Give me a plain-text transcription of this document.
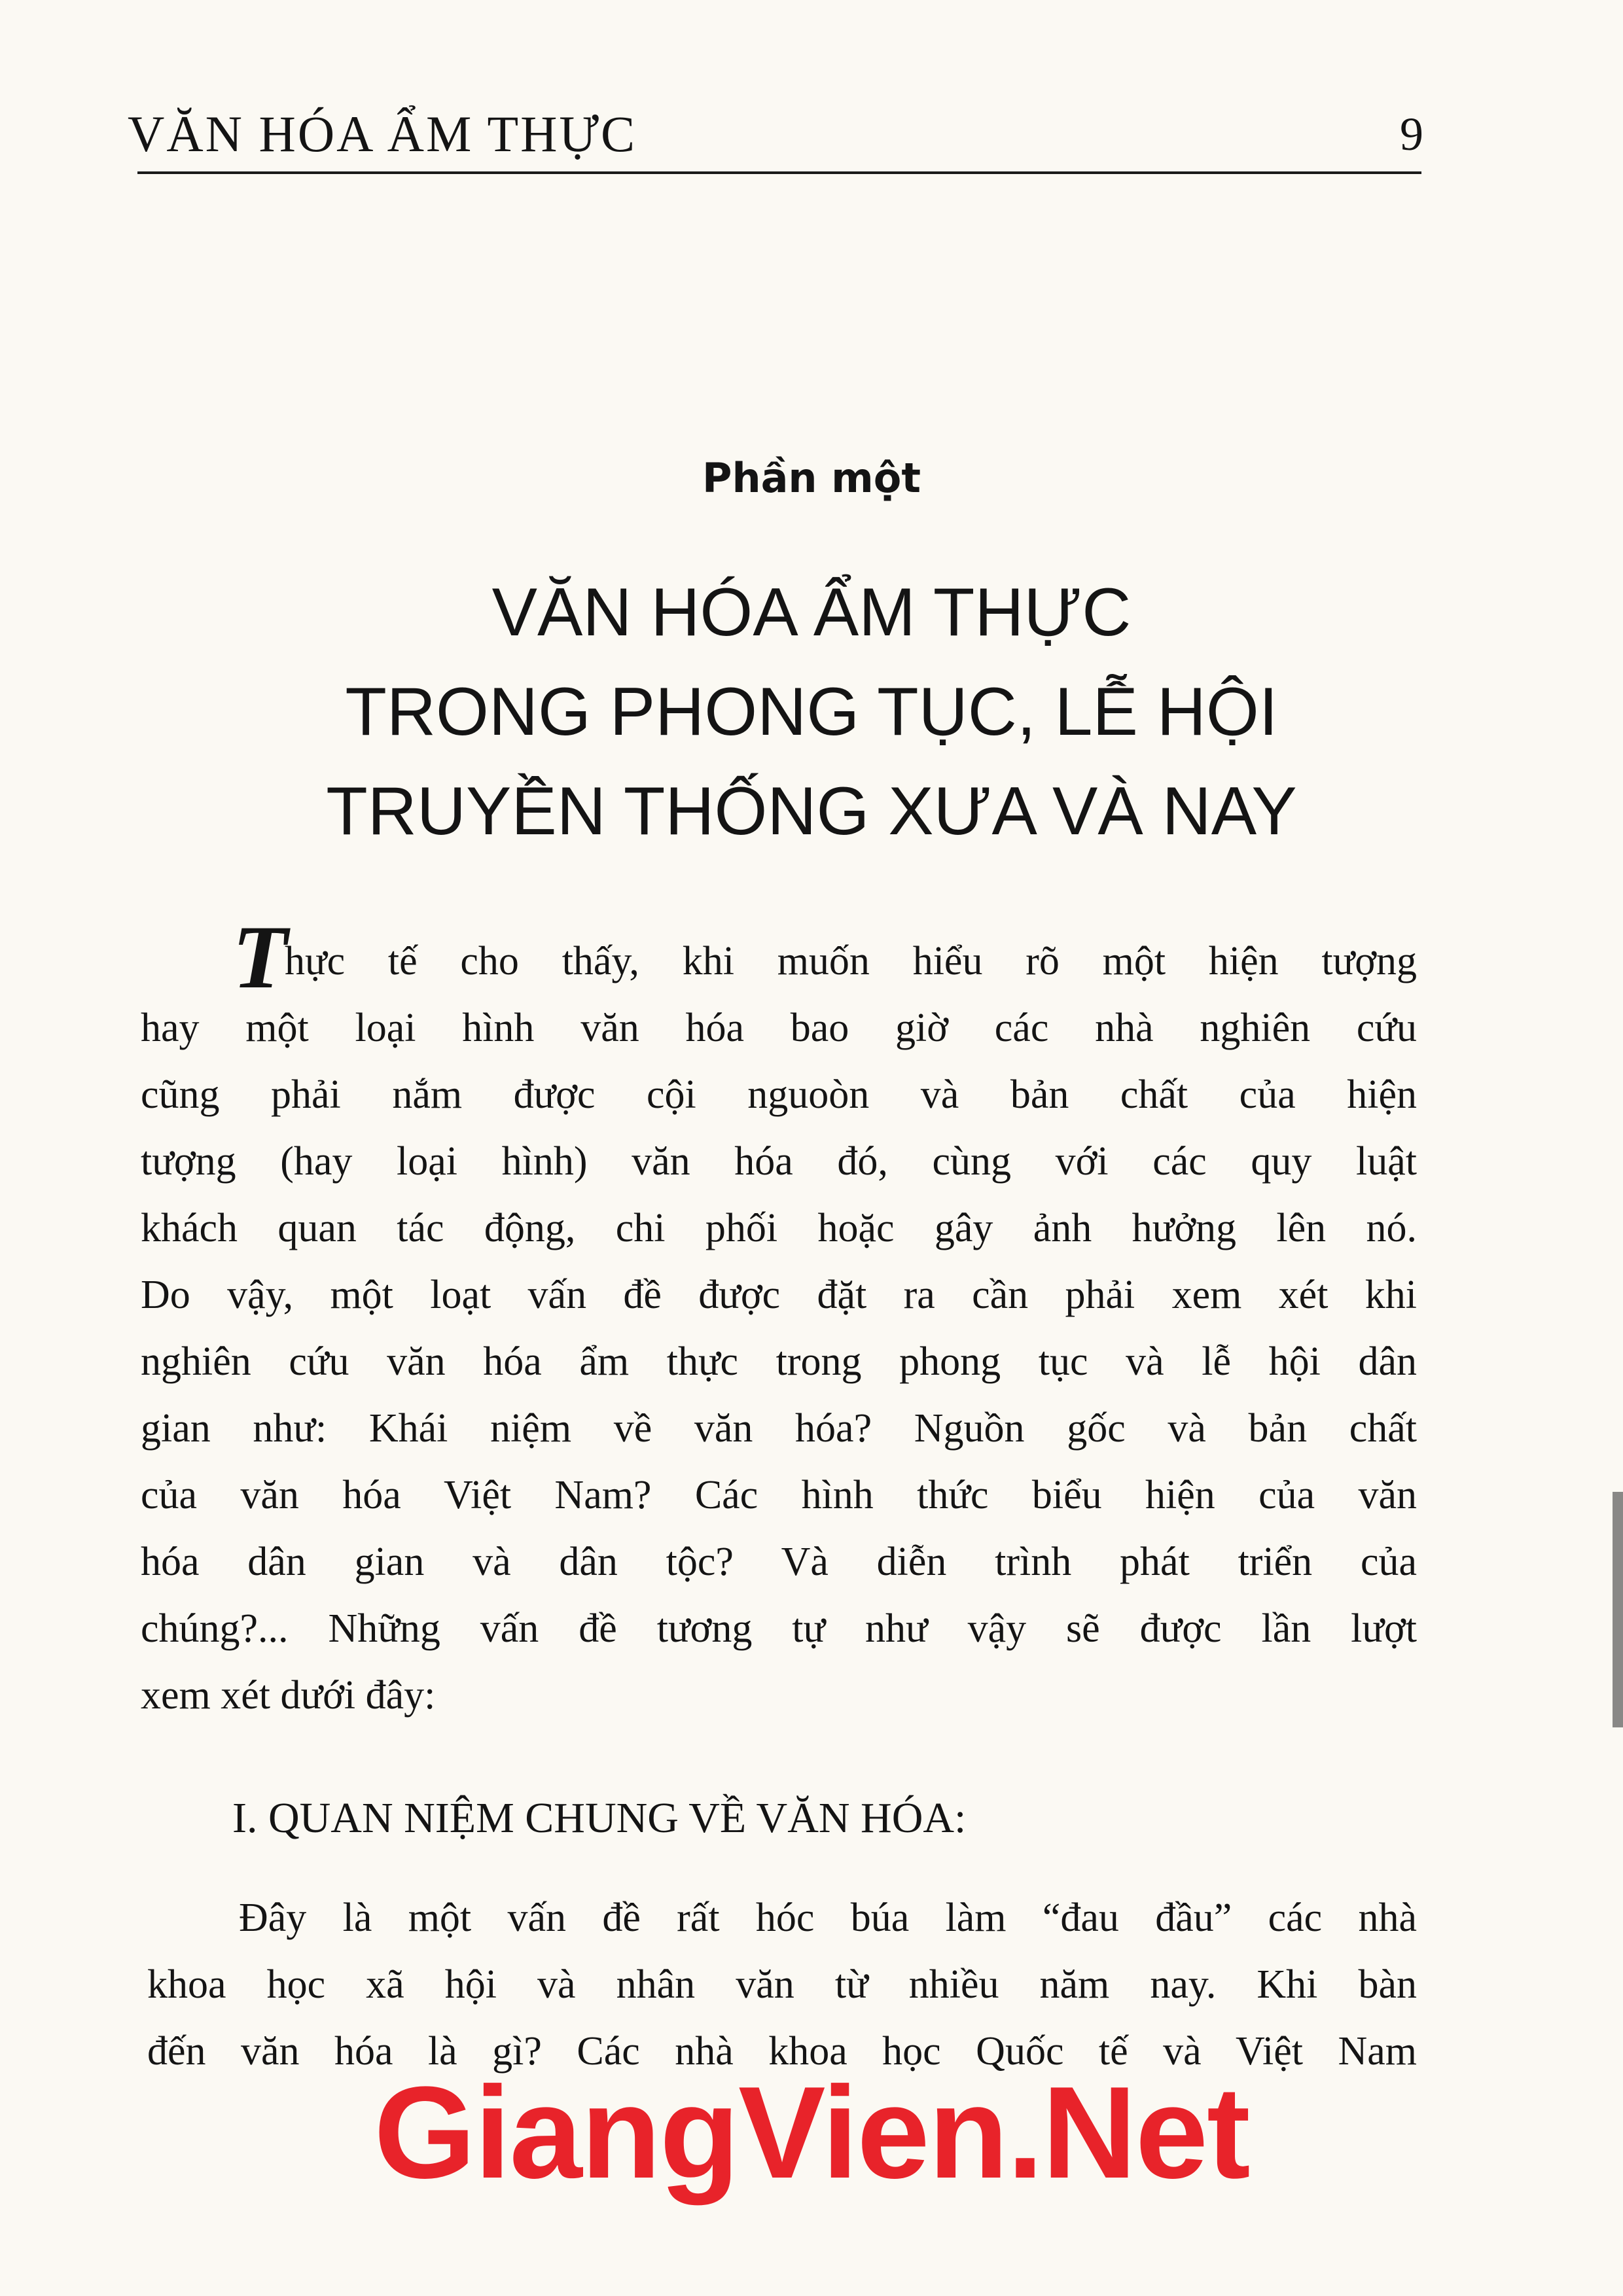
VĂN HÓA ẨM THỰC	9
Phần một
VĂN HÓA ẨM THỰC
TRONG PHONG TỤC, LỄ HỘI
TRUYỀN THỐNG XƯA VÀ NAY
T
hực tế cho thấy, khi muốn hiểu rõ một hiện tượng
hay một loại hình văn hóa bao giờ các nhà nghiên cứu
cũng phải nắm được cội nguoòn và bản chất của hiện
tượng (hay loại hình) văn hóa đó, cùng với các quy luật
khách quan tác động, chi phối hoặc gây ảnh hưởng lên nó.
Do vậy, một loạt vấn đề được đặt ra cần phải xem xét khi
nghiên cứu văn hóa ẩm thực trong phong tục và lễ hội dân
gian như: Khái niệm về văn hóa? Nguồn gốc và bản chất
của văn hóa Việt Nam? Các hình thức biểu hiện của văn
hóa dân gian và dân tộc? Và diễn trình phát triển của
chúng?... Những vấn đề tương tự như vậy sẽ được lần lượt
xem xét dưới đây:
I. QUAN NIỆM CHUNG VỀ VĂN HÓA:
Đây là một vấn đề rất hóc búa làm “đau đầu” các nhà
khoa học xã hội và nhân văn từ nhiều năm nay. Khi bàn
đến văn hóa là gì? Các nhà khoa học Quốc tế và Việt Nam
GiangVien.Net
